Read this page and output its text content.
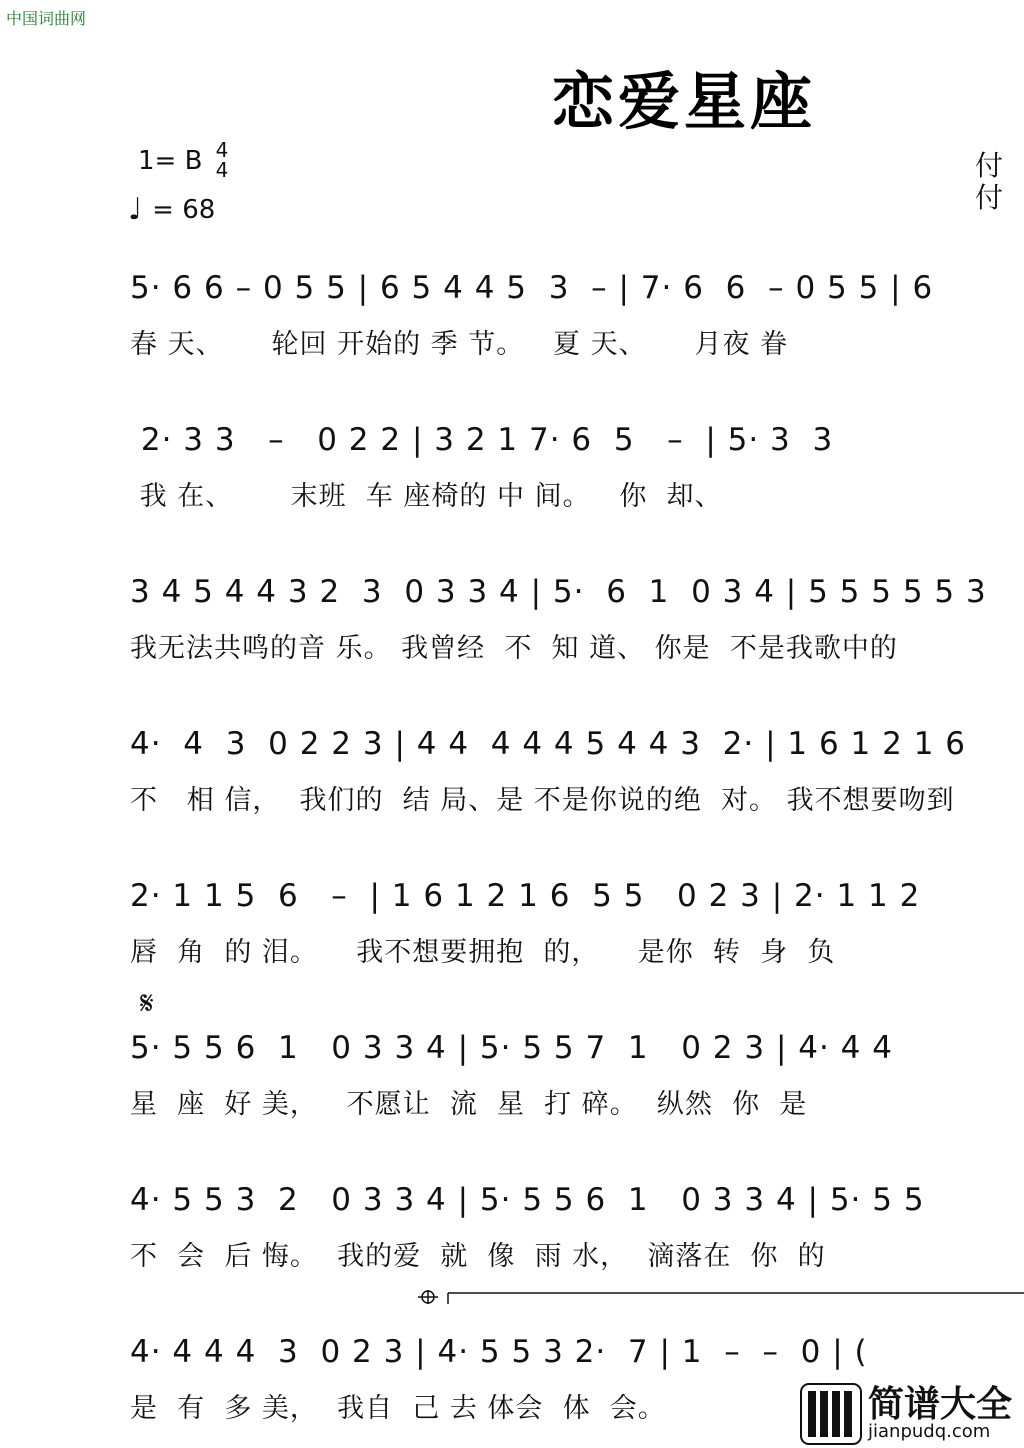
中国词曲网
恋爱星座
1= B 4
4
♩ = 68
付
付
5· 6 6 – 0 5 5 | 6 5 4 4 5  3  – | 7· 6  6  – 0 5 5 | 6
春 天、     轮回 开始的 季 节。   夏 天、     月夜 眷
2· 3 3   –   0 2 2 | 3 2 1 7· 6  5   –  | 5· 3  3
我 在、      末班  车 座椅的 中 间。   你  却、
3 4 5 4 4 3 2  3  0 3 3 4 | 5·  6  1  0 3 4 | 5 5 5 5 5 3
我无法共鸣的音 乐。 我曾经  不  知 道、 你是  不是我歌中的
4·  4  3  0 2 2 3 | 4 4  4 4 4 5 4 4 3  2· | 1 6 1 2 1 6
不   相 信，  我们的  结 局、是 不是你说的绝  对。 我不想要吻到
2· 1 1 5  6   –  | 1 6 1 2 1 6  5 5   0 2 3 | 2· 1 1 2
唇  角  的 泪。    我不想要拥抱  的，    是你  转  身  负
𝄋
5· 5 5 6  1   0 3 3 4 | 5· 5 5 7  1   0 2 3 | 4· 4 4
星  座  好 美，   不愿让  流  星  打 碎。  纵然  你  是
4· 5 5 3  2   0 3 3 4 | 5· 5 5 6  1   0 3 3 4 | 5· 5 5
不  会  后 悔。  我的爱  就  像  雨 水，  滴落在  你  的
4· 4 4 4  3  0 2 3 | 4· 5 5 3 2·  7 | 1  –  –  0 | (
是  有  多 美，  我自  己 去 体会  体  会。	简谱大全
jianpudq.com
